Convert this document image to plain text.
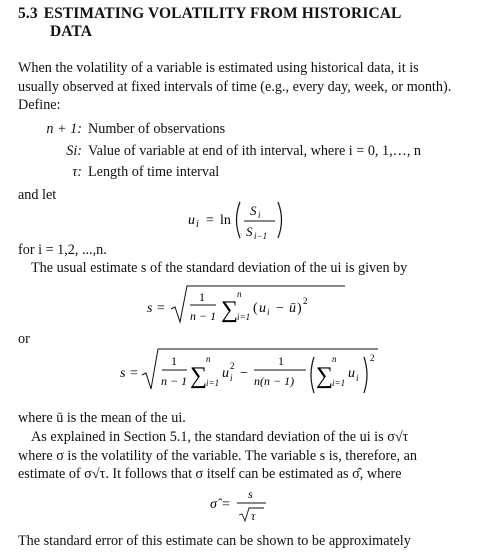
5.3 ESTIMATING VOLATILITY FROM HISTORICAL
DATA
When the volatility of a variable is estimated using historical data, it is
usually observed at fixed intervals of time (e.g., every day, week, or month).
Define:
n + 1: Number of observations
Si: Value of variable at end of ith interval, where i = 0, 1,…, n
τ: Length of time interval
and let
u i = ln
S i
S i−1
for i = 1,2, ...,n.
The usual estimate s of the standard deviation of the ui is given by
s =
1
n − 1 ∑
n
i=1
( u i − ū ) 2
or
s =
1
n − 1 ∑
n
i=1
u 2
i −
1
n(n − 1) ∑
n
i=1
u i
2
where ū is the mean of the ui.
As explained in Section 5.1, the standard deviation of the ui is σ√τ
where σ is the volatility of the variable. The variable s is, therefore, an
estimate of σ√τ. It follows that σ itself can be estimated as σ̂, where
σ̂ =
s
τ
The standard error of this estimate can be shown to be approximately
